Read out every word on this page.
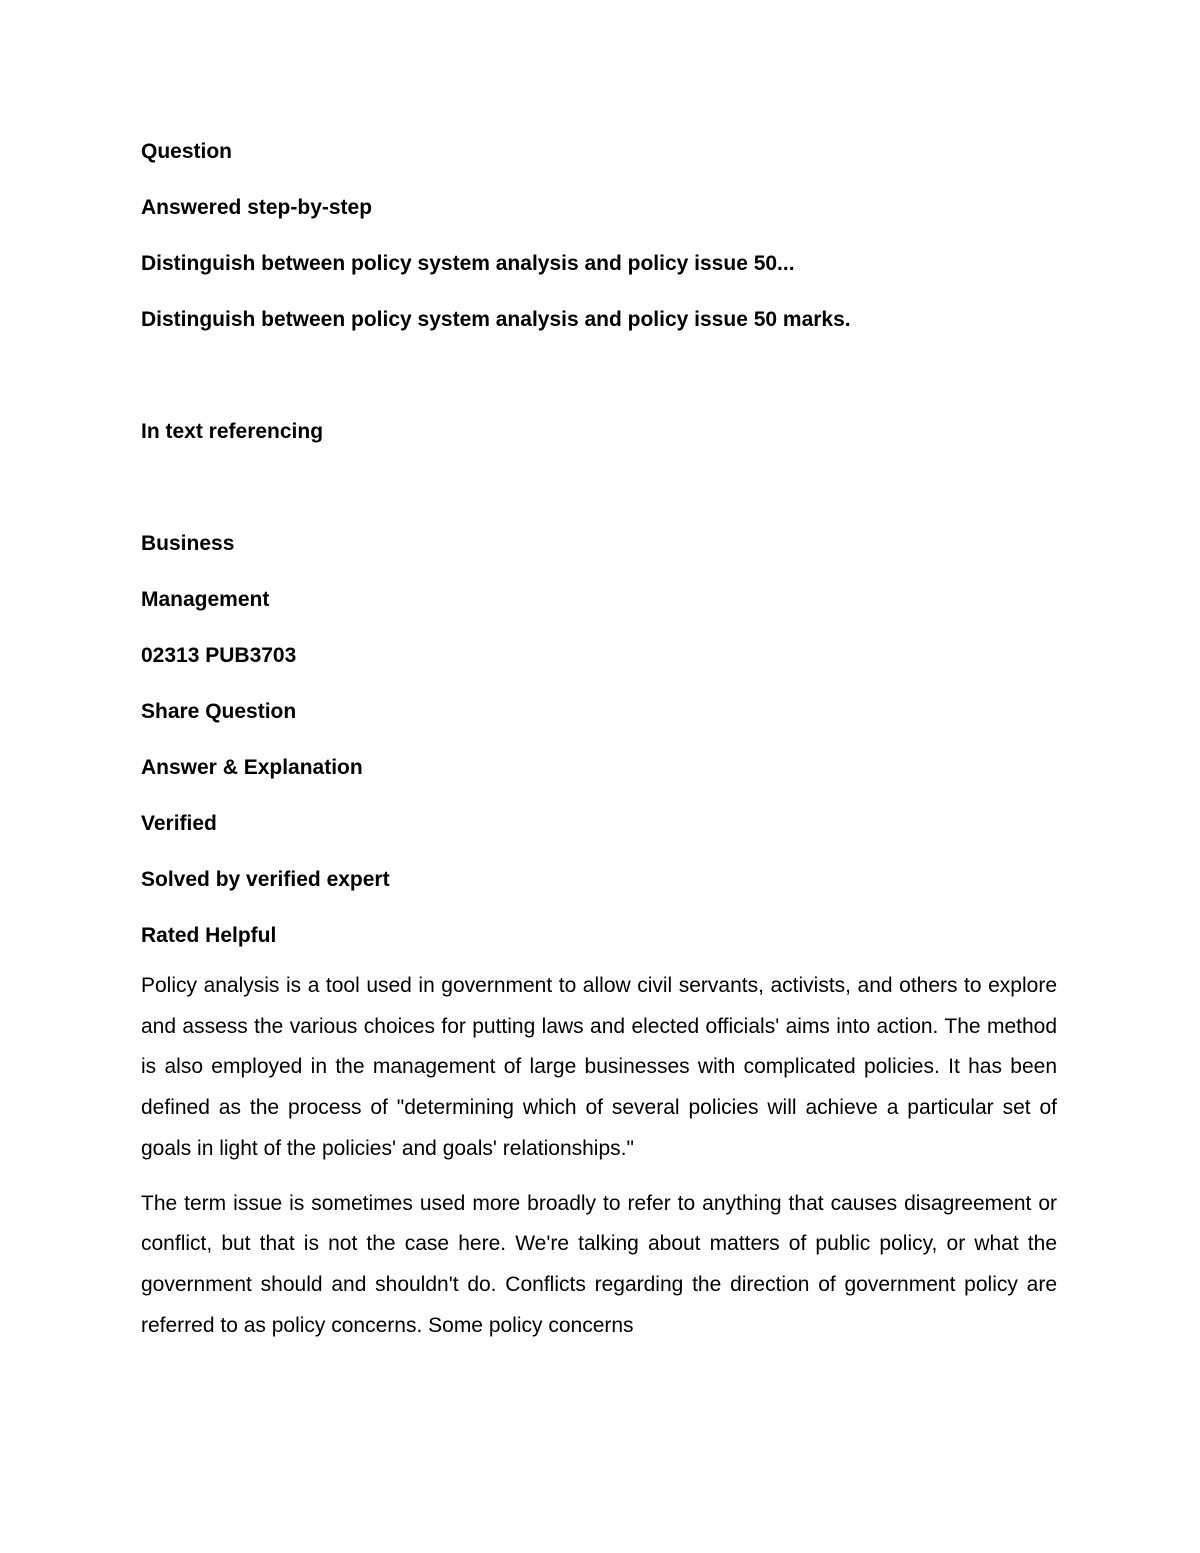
Question
Answered step-by-step
Distinguish between policy system analysis and policy issue 50...
Distinguish between policy system analysis and policy issue 50 marks.
In text referencing
Business
Management
02313 PUB3703
Share Question
Answer & Explanation
Verified
Solved by verified expert
Rated Helpful

Policy analysis is a tool used in government to allow civil servants, activists, and others to explore and assess the various choices for putting laws and elected officials' aims into action. The method is also employed in the management of large businesses with complicated policies. It has been defined as the process of "determining which of several policies will achieve a particular set of goals in light of the policies' and goals' relationships."

The term issue is sometimes used more broadly to refer to anything that causes disagreement or conflict, but that is not the case here. We're talking about matters of public policy, or what the government should and shouldn't do. Conflicts regarding the direction of government policy are referred to as policy concerns. Some policy concerns
